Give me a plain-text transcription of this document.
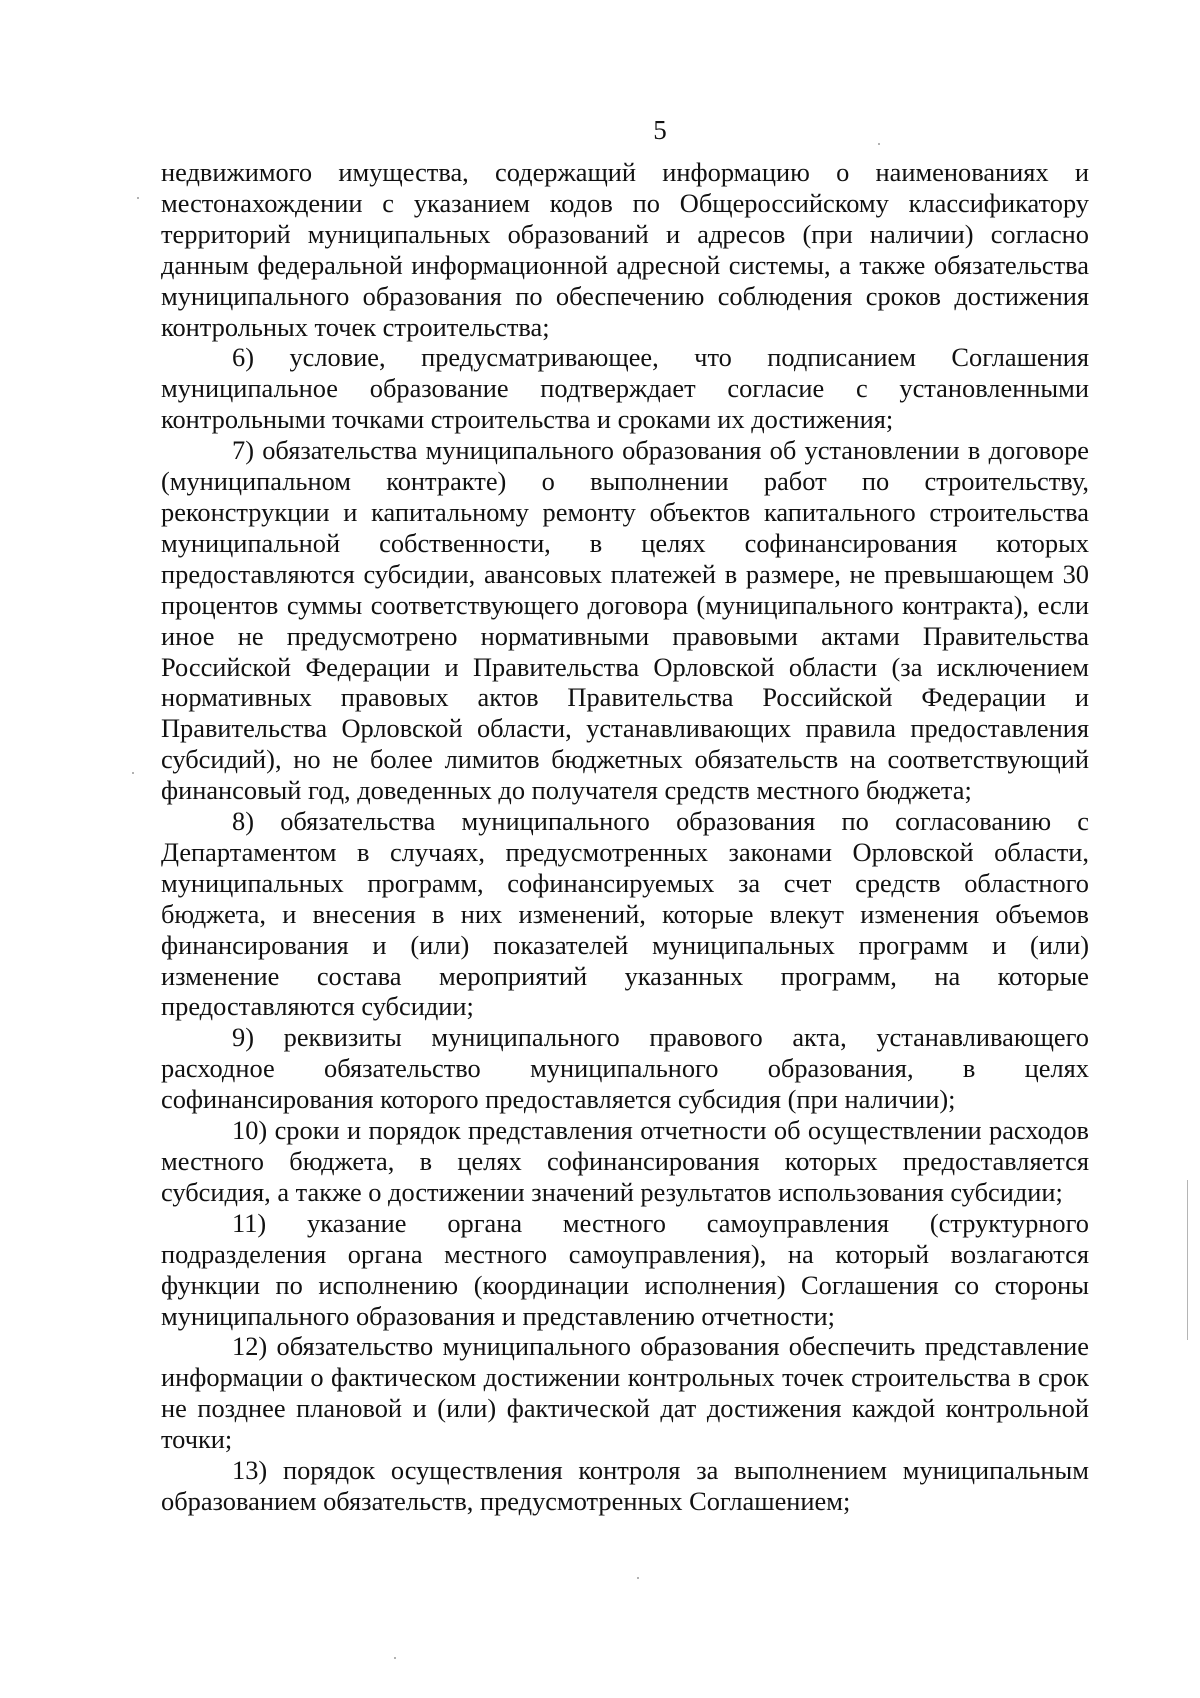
5

недвижимого имущества, содержащий информацию о наименованиях и местонахождении с указанием кодов по Общероссийскому классификатору территорий муниципальных образований и адресов (при наличии) согласно данным федеральной информационной адресной системы, а также обязательства муниципального образования по обеспечению соблюдения сроков достижения контрольных точек строительства;

6) условие, предусматривающее, что подписанием Соглашения муниципальное образование подтверждает согласие с установленными контрольными точками строительства и сроками их достижения;

7) обязательства муниципального образования об установлении в договоре (муниципальном контракте) о выполнении работ по строительству, реконструкции и капитальному ремонту объектов капитального строительства муниципальной собственности, в целях софинансирования которых предоставляются субсидии, авансовых платежей в размере, не превышающем 30 процентов суммы соответствующего договора (муниципального контракта), если иное не предусмотрено нормативными правовыми актами Правительства Российской Федерации и Правительства Орловской области (за исключением нормативных правовых актов Правительства Российской Федерации и Правительства Орловской области, устанавливающих правила предоставления субсидий), но не более лимитов бюджетных обязательств на соответствующий финансовый год, доведенных до получателя средств местного бюджета;

8) обязательства муниципального образования по согласованию с Департаментом в случаях, предусмотренных законами Орловской области, муниципальных программ, софинансируемых за счет средств областного бюджета, и внесения в них изменений, которые влекут изменения объемов финансирования и (или) показателей муниципальных программ и (или) изменение состава мероприятий указанных программ, на которые предоставляются субсидии;

9) реквизиты муниципального правового акта, устанавливающего расходное обязательство муниципального образования, в целях софинансирования которого предоставляется субсидия (при наличии);

10) сроки и порядок представления отчетности об осуществлении расходов местного бюджета, в целях софинансирования которых предоставляется субсидия, а также о достижении значений результатов использования субсидии;

11) указание органа местного самоуправления (структурного подразделения органа местного самоуправления), на который возлагаются функции по исполнению (координации исполнения) Соглашения со стороны муниципального образования и представлению отчетности;

12) обязательство муниципального образования обеспечить представление информации о фактическом достижении контрольных точек строительства в срок не позднее плановой и (или) фактической дат достижения каждой контрольной точки;

13) порядок осуществления контроля за выполнением муниципальным образованием обязательств, предусмотренных Соглашением;
